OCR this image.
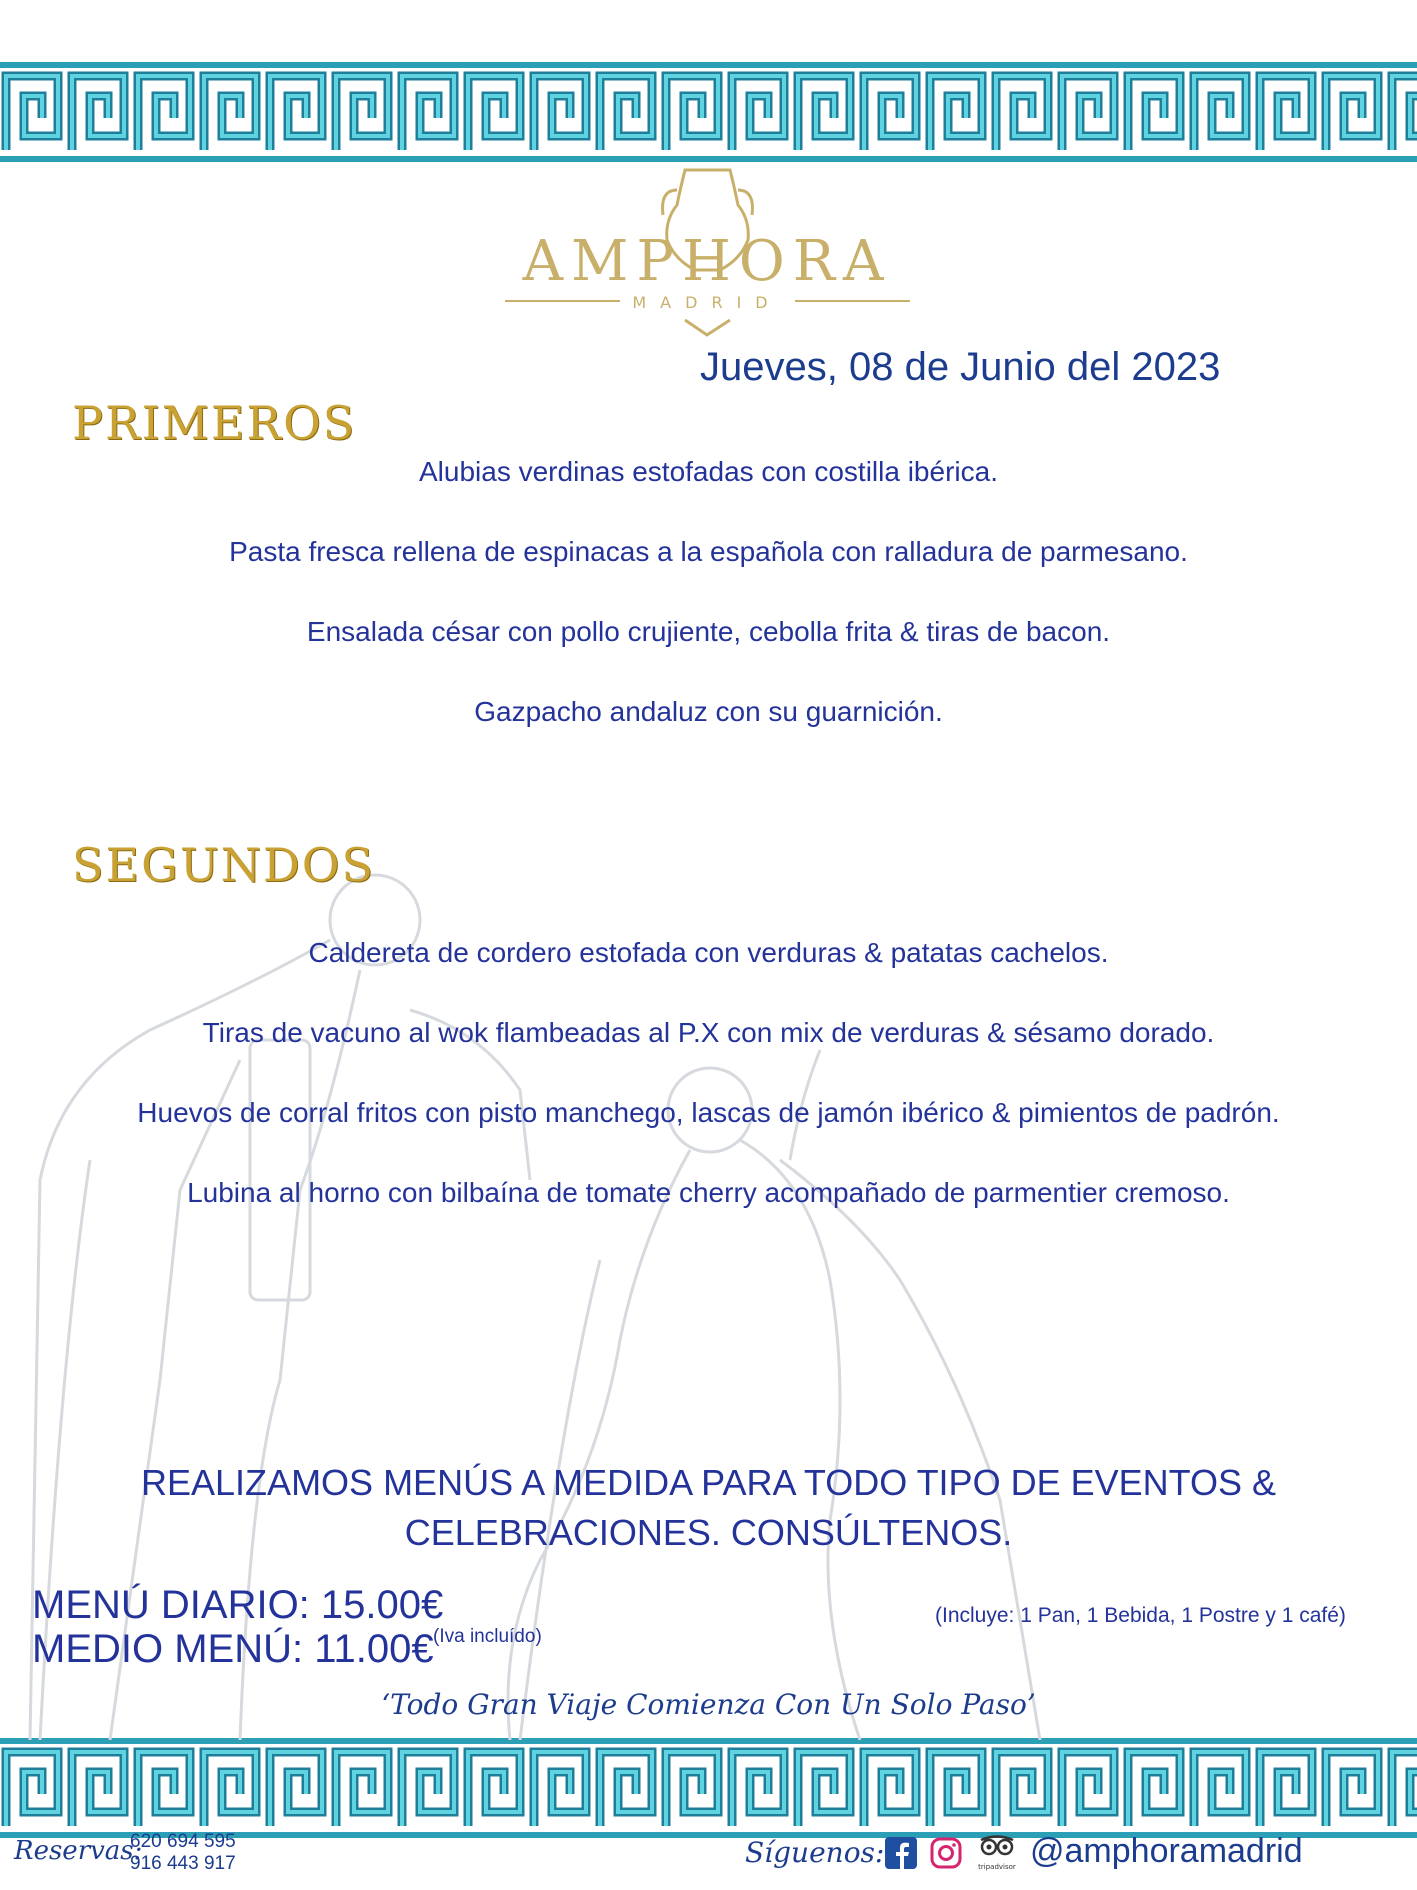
AMPHORA
MADRID
Jueves, 08 de Junio del 2023
PRIMEROS
Alubias verdinas estofadas con costilla ibérica.
Pasta fresca rellena de espinacas a la española con ralladura de parmesano.
Ensalada césar con pollo crujiente, cebolla frita & tiras de bacon.
Gazpacho andaluz con su guarnición.
SEGUNDOS
Caldereta de cordero estofada con verduras & patatas cachelos.
Tiras de vacuno al wok flambeadas al P.X con mix de verduras & sésamo dorado.
Huevos de corral fritos con pisto manchego, lascas de jamón ibérico & pimientos de padrón.
Lubina al horno con bilbaína de tomate cherry acompañado de parmentier cremoso.
REALIZAMOS MENÚS A MEDIDA PARA TODO TIPO DE EVENTOS &
CELEBRACIONES. CONSÚLTENOS.
MENÚ DIARIO: 15.00€
MEDIO MENÚ: 11.00€ (Iva incluído)
(Incluye: 1 Pan, 1 Bebida, 1 Postre y 1 café)
‘Todo Gran Viaje Comienza Con Un Solo Paso’
Reservas:
620 694 595
916 443 917	Síguenos:	tripadvisor @amphoramadrid
